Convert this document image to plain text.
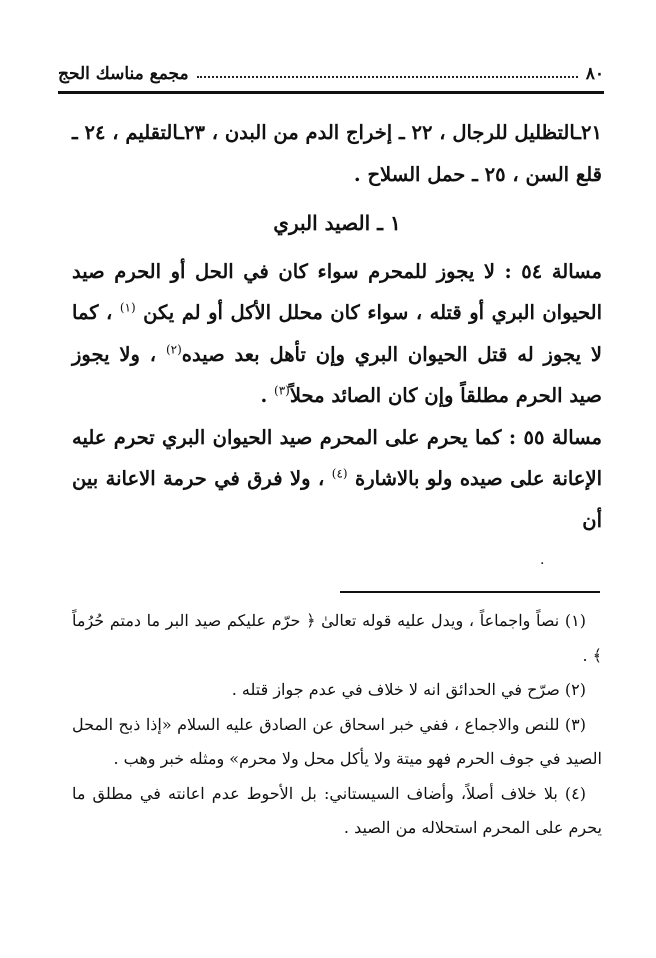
٨٠
مجمع مناسك الحج

٢١ـالتظليل للرجال ، ٢٢ ـ إخراج الدم من البدن ، ٢٣ـالتقليم ، ٢٤ ـ قلع السن ، ٢٥ ـ حمل السلاح .

١ ـ الصيد البري

مسالة ٥٤ : لا يجوز للمحرم سواء كان في الحل أو الحرم صيد الحيوان البري أو قتله ، سواء كان محلل الأكل أو لم يكن $^{(١)}$ ، كما لا يجوز له قتل الحيوان البري وإن تأهل بعد صيده$^{(٢)}$ ، ولا يجوز صيد الحرم مطلقاً وإن كان الصائد محلاً$^{(٣)}$ .

مسالة ٥٥ : كما يحرم على المحرم صيد الحيوان البري تحرم عليه الإعانة على صيده ولو بالاشارة $^{(٤)}$ ، ولا فرق في حرمة الاعانة بين أن

.

(١) نصاً واجماعاً ، ويدل عليه قوله تعالىٰ ﴿ حرّم عليكم صيد البر ما دمتم حُرُماً ﴾ .

(٢) صرّح في الحدائق انه لا خلاف في عدم جواز قتله .

(٣) للنص والاجماع ، ففي خبر اسحاق عن الصادق عليه السلام «إذا ذبح المحل الصيد في جوف الحرم فهو ميتة ولا يأكل محل ولا محرم» ومثله خبر وهب .

(٤) بلا خلاف أصلاً، وأضاف السيستاني: بل الأحوط عدم اعانته في مطلق ما يحرم على المحرم استحلاله من الصيد .
